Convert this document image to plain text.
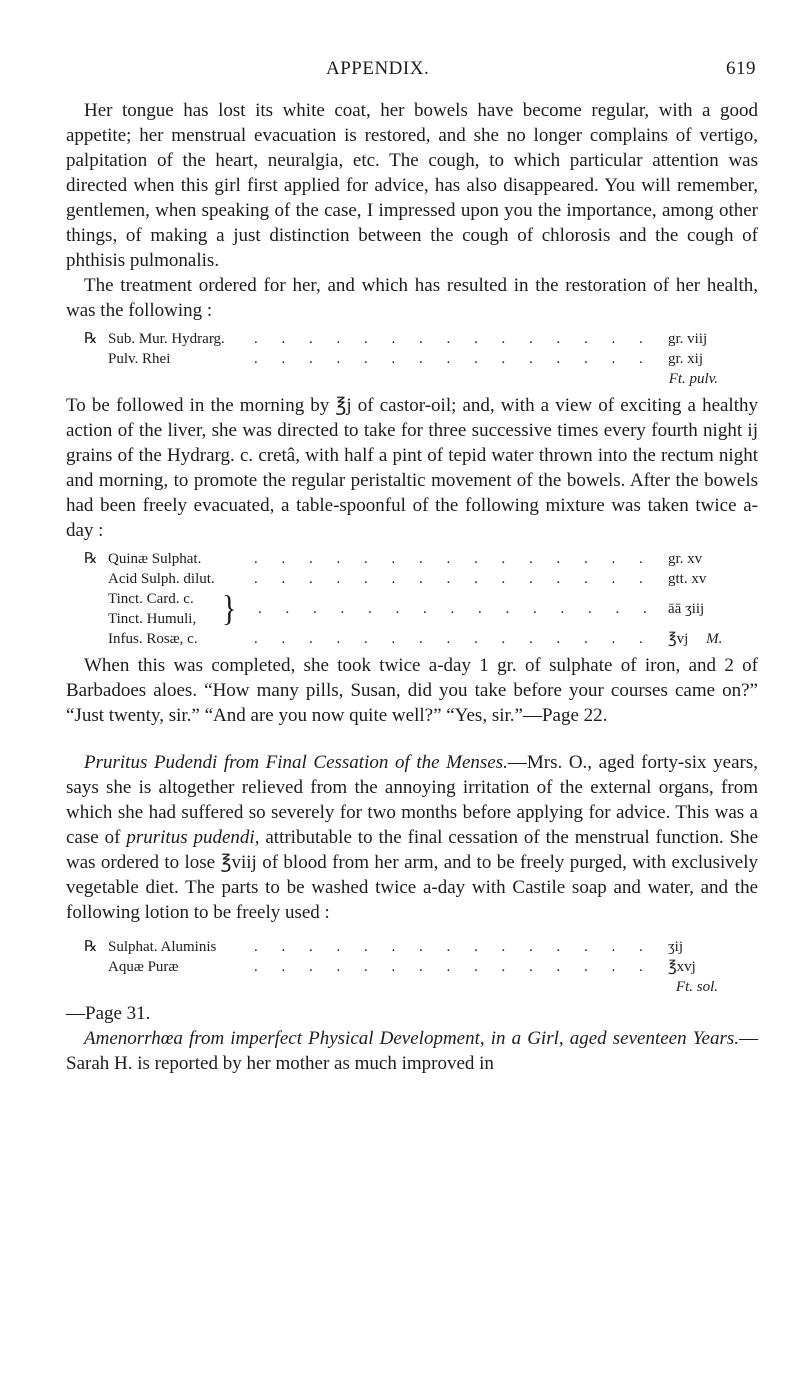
APPENDIX.	619

Her tongue has lost its white coat, her bowels have become regular, with a good appetite; her menstrual evacuation is restored, and she no longer complains of vertigo, palpitation of the heart, neuralgia, etc. The cough, to which particular attention was directed when this girl first applied for advice, has also disappeared. You will remember, gentlemen, when speaking of the case, I impressed upon you the importance, among other things, of making a just distinction between the cough of chlorosis and the cough of phthisis pulmonalis.

The treatment ordered for her, and which has resulted in the restoration of her health, was the following :

℞ Sub. Mur. Hydrarg.	. . . . . . . . . . . . . . .	gr. viij
Pulv. Rhei	. . . . . . . . . . . . . . .	gr. xij
Ft. pulv.

To be followed in the morning by ℥j of castor-oil; and, with a view of exciting a healthy action of the liver, she was directed to take for three successive times every fourth night ij grains of the Hydrarg. c. cretâ, with half a pint of tepid water thrown into the rectum night and morning, to promote the regular peristaltic movement of the bowels. After the bowels had been freely evacuated, a table-spoonful of the following mixture was taken twice a-day :

℞ Quinæ Sulphat.	. . . . . . . . . . . . . . .	gr. xv
Acid Sulph. dilut.	. . . . . . . . . . . . . . .	gtt. xv
Tinct. Card. c.
Tinct. Humuli, }	. . . . . . . . . . . . . . . āā ʒiij
Infus. Rosæ, c.	. . . . . . . . . . . . . . .	℥vj M.

When this was completed, she took twice a-day 1 gr. of sulphate of iron, and 2 of Barbadoes aloes. “How many pills, Susan, did you take before your courses came on?” “Just twenty, sir.” “And are you now quite well?” “Yes, sir.”—Page 22.

Pruritus Pudendi from Final Cessation of the Menses.—Mrs. O., aged forty-six years, says she is altogether relieved from the annoying irritation of the external organs, from which she had suffered so severely for two months before applying for advice. This was a case of pruritus pudendi, attributable to the final cessation of the menstrual function. She was ordered to lose ℥viij of blood from her arm, and to be freely purged, with exclusively vegetable diet. The parts to be washed twice a-day with Castile soap and water, and the following lotion to be freely used :

℞ Sulphat. Aluminis	. . . . . . . . . . . . . . .	ʒij
Aquæ Puræ	. . . . . . . . . . . . . . .	℥xvj
Ft. sol.

—Page 31.

Amenorrhœa from imperfect Physical Development, in a Girl, aged seventeen Years.—Sarah H. is reported by her mother as much improved in
